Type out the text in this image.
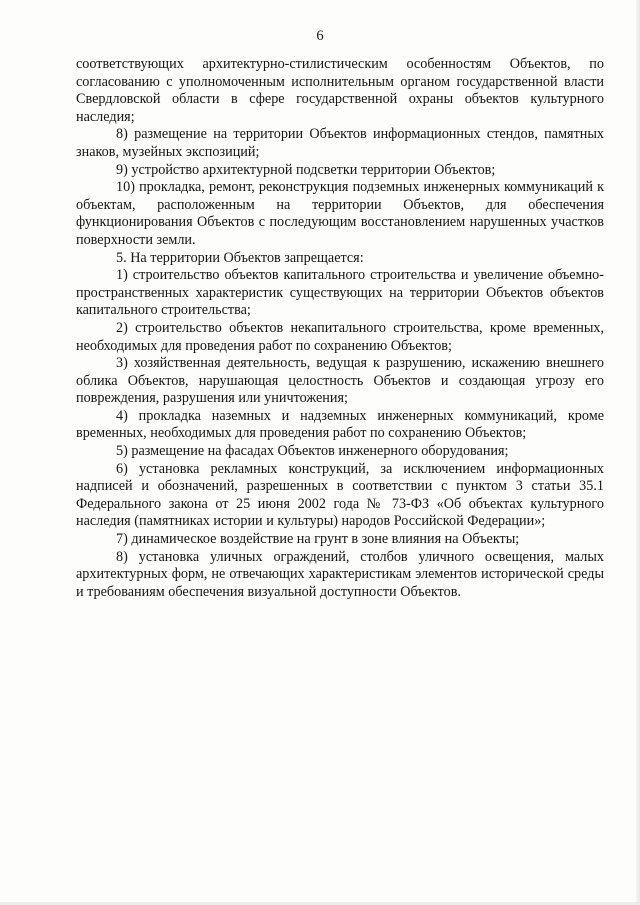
6

соответствующих архитектурно-стилистическим особенностям Объектов, по согласованию с уполномоченным исполнительным органом государственной власти Свердловской области в сфере государственной охраны объектов культурного наследия;

8) размещение на территории Объектов информационных стендов, памятных знаков, музейных экспозиций;

9) устройство архитектурной подсветки территории Объектов;

10) прокладка, ремонт, реконструкция подземных инженерных коммуникаций к объектам, расположенным на территории Объектов, для обеспечения функционирования Объектов с последующим восстановлением нарушенных участков поверхности земли.

5. На территории Объектов запрещается:

1) строительство объектов капитального строительства и увеличение объемно-пространственных характеристик существующих на территории Объектов объектов капитального строительства;

2) строительство объектов некапитального строительства, кроме временных, необходимых для проведения работ по сохранению Объектов;

3) хозяйственная деятельность, ведущая к разрушению, искажению внешнего облика Объектов, нарушающая целостность Объектов и создающая угрозу его повреждения, разрушения или уничтожения;

4) прокладка наземных и надземных инженерных коммуникаций, кроме временных, необходимых для проведения работ по сохранению Объектов;

5) размещение на фасадах Объектов инженерного оборудования;

6) установка рекламных конструкций, за исключением информационных надписей и обозначений, разрешенных в соответствии с пунктом 3 статьи 35.1 Федерального закона от 25 июня 2002 года № 73-ФЗ «Об объектах культурного наследия (памятниках истории и культуры) народов Российской Федерации»;

7) динамическое воздействие на грунт в зоне влияния на Объекты;

8) установка уличных ограждений, столбов уличного освещения, малых архитектурных форм, не отвечающих характеристикам элементов исторической среды и требованиям обеспечения визуальной доступности Объектов.
